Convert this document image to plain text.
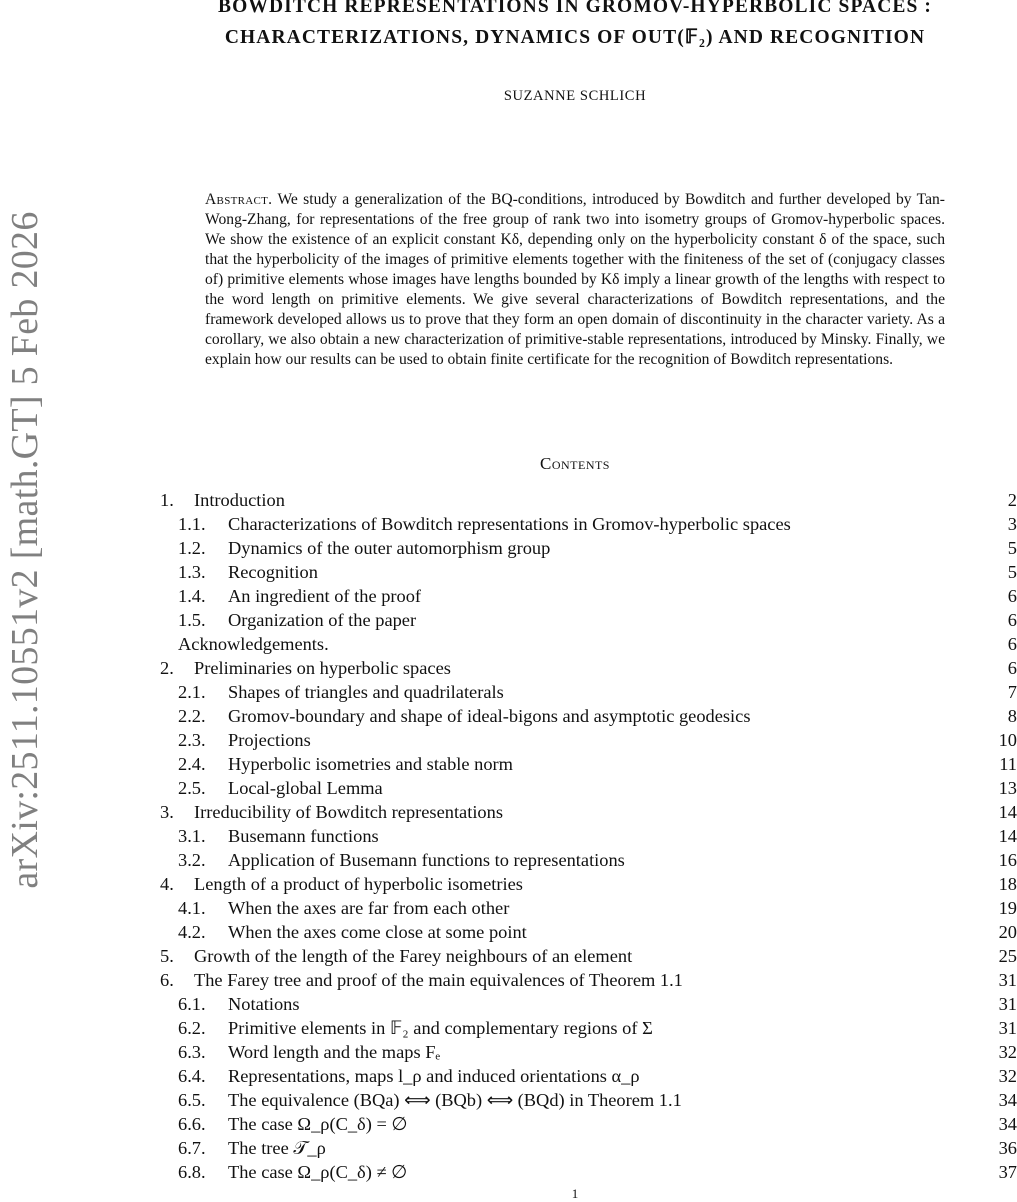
arXiv:2511.10551v2 [math.GT] 5 Feb 2026
BOWDITCH REPRESENTATIONS IN GROMOV-HYPERBOLIC SPACES :
CHARACTERIZATIONS, DYNAMICS OF OUT(𝔽₂) AND RECOGNITION
SUZANNE SCHLICH
Abstract. We study a generalization of the BQ-conditions, introduced by Bowditch and further developed by Tan-Wong-Zhang, for representations of the free group of rank two into isometry groups of Gromov-hyperbolic spaces. We show the existence of an explicit constant Kδ, depending only on the hyperbolicity constant δ of the space, such that the hyperbolicity of the images of primitive elements together with the finiteness of the set of (conjugacy classes of) primitive elements whose images have lengths bounded by Kδ imply a linear growth of the lengths with respect to the word length on primitive elements. We give several characterizations of Bowditch representations, and the framework developed allows us to prove that they form an open domain of discontinuity in the character variety. As a corollary, we also obtain a new characterization of primitive-stable representations, introduced by Minsky. Finally, we explain how our results can be used to obtain finite certificate for the recognition of Bowditch representations.
Contents
1. Introduction	2
1.1. Characterizations of Bowditch representations in Gromov-hyperbolic spaces	3
1.2. Dynamics of the outer automorphism group	5
1.3. Recognition	5
1.4. An ingredient of the proof	6
1.5. Organization of the paper	6
Acknowledgements.	6
2. Preliminaries on hyperbolic spaces	6
2.1. Shapes of triangles and quadrilaterals	7
2.2. Gromov-boundary and shape of ideal-bigons and asymptotic geodesics	8
2.3. Projections	10
2.4. Hyperbolic isometries and stable norm	11
2.5. Local-global Lemma	13
3. Irreducibility of Bowditch representations	14
3.1. Busemann functions	14
3.2. Application of Busemann functions to representations	16
4. Length of a product of hyperbolic isometries	18
4.1. When the axes are far from each other	19
4.2. When the axes come close at some point	20
5. Growth of the length of the Farey neighbours of an element	25
6. The Farey tree and proof of the main equivalences of Theorem 1.1	31
6.1. Notations	31
6.2. Primitive elements in 𝔽₂ and complementary regions of Σ	31
6.3. Word length and the maps Fₑ	32
6.4. Representations, maps l_ρ and induced orientations α_ρ	32
6.5. The equivalence (BQa) ⟺ (BQb) ⟺ (BQd) in Theorem 1.1	34
6.6. The case Ω_ρ(C_δ) = ∅	34
6.7. The tree 𝒯_ρ	36
6.8. The case Ω_ρ(C_δ) ≠ ∅	37
1
